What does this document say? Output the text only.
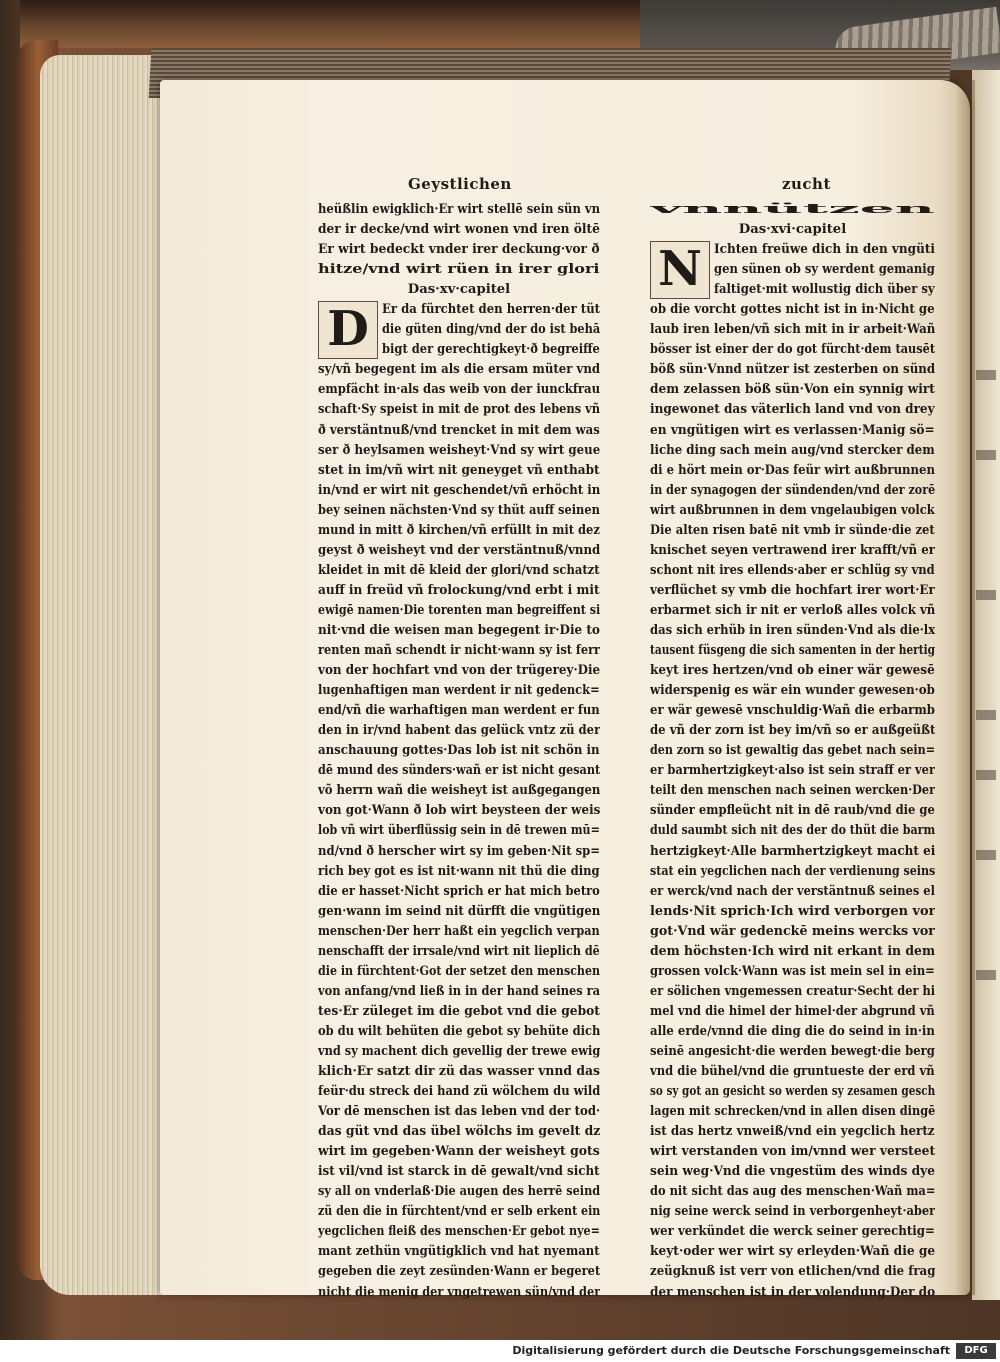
Geystlichen	zucht
heüßlin ewigklich·Er wirt stellē sein sün vn
der ir decke/vnd wirt wonen vnd iren öltē
Er wirt bedeckt vnder irer deckung·vor ð
hitze/vnd wirt rüen in irer glori
Das·xv·capitel
D Er da fürchtet den herren·der tüt
die güten ding/vnd der do ist behā
bigt der gerechtigkeyt·ð begreiffe
sy/vñ begegent im als die ersam müter vnd
empfächt in·als das weib von der iunckfrau
schaft·Sy speist in mit de prot des lebens vñ
ð verstäntnuß/vnd trencket in mit dem was
ser ð heylsamen weisheyt·Vnd sy wirt geue
stet in im/vñ wirt nit geneyget vñ enthabt
in/vnd er wirt nit geschendet/vñ erhöcht in
bey seinen nächsten·Vnd sy thüt auff seinen
mund in mitt ð kirchen/vñ erfüllt in mit dez
geyst ð weisheyt vnd der verstäntnuß/vnnd
kleidet in mit dē kleid der glori/vnd schatzt
auff in freüd vñ frolockung/vnd erbt i mit
ewigē namen·Die torenten man begreiffent si
nit·vnd die weisen man begegent ir·Die to
renten mañ schendt ir nicht·wann sy ist ferr
von der hochfart vnd von der trügerey·Die
lugenhaftigen man werdent ir nit gedenck=
end/vñ die warhaftigen man werdent er fun
den in ir/vnd habent das gelück vntz zü der
anschauung gottes·Das lob ist nit schön in
dē mund des sünders·wañ er ist nicht gesant
võ herrn wañ die weisheyt ist außgegangen
von got·Wann ð lob wirt beysteen der weis
lob vñ wirt überflüssig sein in dē trewen mū=
nd/vnd ð herscher wirt sy im geben·Nit sp=
rich bey got es ist nit·wann nit thü die ding
die er hasset·Nicht sprich er hat mich betro
gen·wann im seind nit dürfft die vngütigen
menschen·Der herr haßt ein yegclich verpan
nenschafft der irrsale/vnd wirt nit lieplich dē
die in fürchtent·Got der setzet den menschen
von anfang/vnd ließ in in der hand seines ra
tes·Er züleget im die gebot vnd die gebot
ob du wilt behüten die gebot sy behüte dich
vnd sy machent dich gevellig der trewe ewig
klich·Er satzt dir zü das wasser vnnd das
feür·du streck dei hand zü wölchem du wild
Vor dē menschen ist das leben vnd der tod·
das güt vnd das übel wölchs im gevelt dz
wirt im gegeben·Wann der weisheyt gots
ist vil/vnd ist starck in dē gewalt/vnd sicht
sy all on vnderlaß·Die augen des herrē seind
zü den die in fürchtent/vnd er selb erkent ein
yegclichen fleiß des menschen·Er gebot nye=
mant zethün vngütigklich vnd hat nyemant
gegeben die zeyt zesünden·Wann er begeret
nicht die menig der vngetrewen sün/vnd der
vnnützen
Das·xvi·capitel
N Ichten freüwe dich in den vngüti
gen sünen ob sy werdent gemanig
faltiget·mit wollustig dich über sy
ob die vorcht gottes nicht ist in in·Nicht ge
laub iren leben/vñ sich mit in ir arbeit·Wañ
bösser ist einer der do got fürcht·dem tausēt
böß sün·Vnnd nützer ist zesterben on sünd
dem zelassen böß sün·Von ein synnig wirt
ingewonet das väterlich land vnd von drey
en vngütigen wirt es verlassen·Manig sö=
liche ding sach mein aug/vnd stercker dem
di e hört mein or·Das feür wirt außbrunnen
in der synagogen der sündenden/vnd der zorē
wirt außbrunnen in dem vngelaubigen volck
Die alten risen batē nit vmb ir sünde·die zet
knischet seyen vertrawend irer krafft/vñ er
schont nit ires ellends·aber er schlüg sy vnd
verflüchet sy vmb die hochfart irer wort·Er
erbarmet sich ir nit er verloß alles volck vñ
das sich erhüb in iren sünden·Vnd als die·lx
tausent füsgeng die sich samenten in der hertig
keyt ires hertzen/vnd ob einer wär gewesē
widerspenig es wär ein wunder gewesen·ob
er wär gewesē vnschuldig·Wañ die erbarmb
de vñ der zorn ist bey im/vñ so er außgeüßt
den zorn so ist gewaltig das gebet nach sein=
er barmhertzigkeyt·also ist sein straff er ver
teilt den menschen nach seinen wercken·Der
sünder empfleücht nit in dē raub/vnd die ge
duld saumbt sich nit des der do thüt die barm
hertzigkeyt·Alle barmhertzigkeyt macht ei
stat ein yegclichen nach der verdienung seins
er werck/vnd nach der verstäntnuß seines el
lends·Nit sprich·Ich wird verborgen vor
got·Vnd wär gedenckē meins wercks vor
dem höchsten·Ich wird nit erkant in dem
grossen volck·Wann was ist mein sel in ein=
er sölichen vngemessen creatur·Secht der hi
mel vnd die himel der himel·der abgrund vñ
alle erde/vnnd die ding die do seind in in·in
seinē angesicht·die werden bewegt·die berg
vnd die bühel/vnd die gruntueste der erd vñ
so sy got an gesicht so werden sy zesamen gesch
lagen mit schrecken/vnd in allen disen dingē
ist das hertz vnweiß/vnd ein yegclich hertz
wirt verstanden von im/vnnd wer versteet
sein weg·Vnd die vngestüm des winds dye
do nit sicht das aug des menschen·Wañ ma=
nig seine werck seind in verborgenheyt·aber
wer verkündet die werck seiner gerechtig=
keyt·oder wer wirt sy erleyden·Wañ die ge
zeügknuß ist verr von etlichen/vnd die frag
der menschen ist in der volendung·Der do
Digitalisierung gefördert durch die Deutsche Forschungsgemeinschaft	DFG
